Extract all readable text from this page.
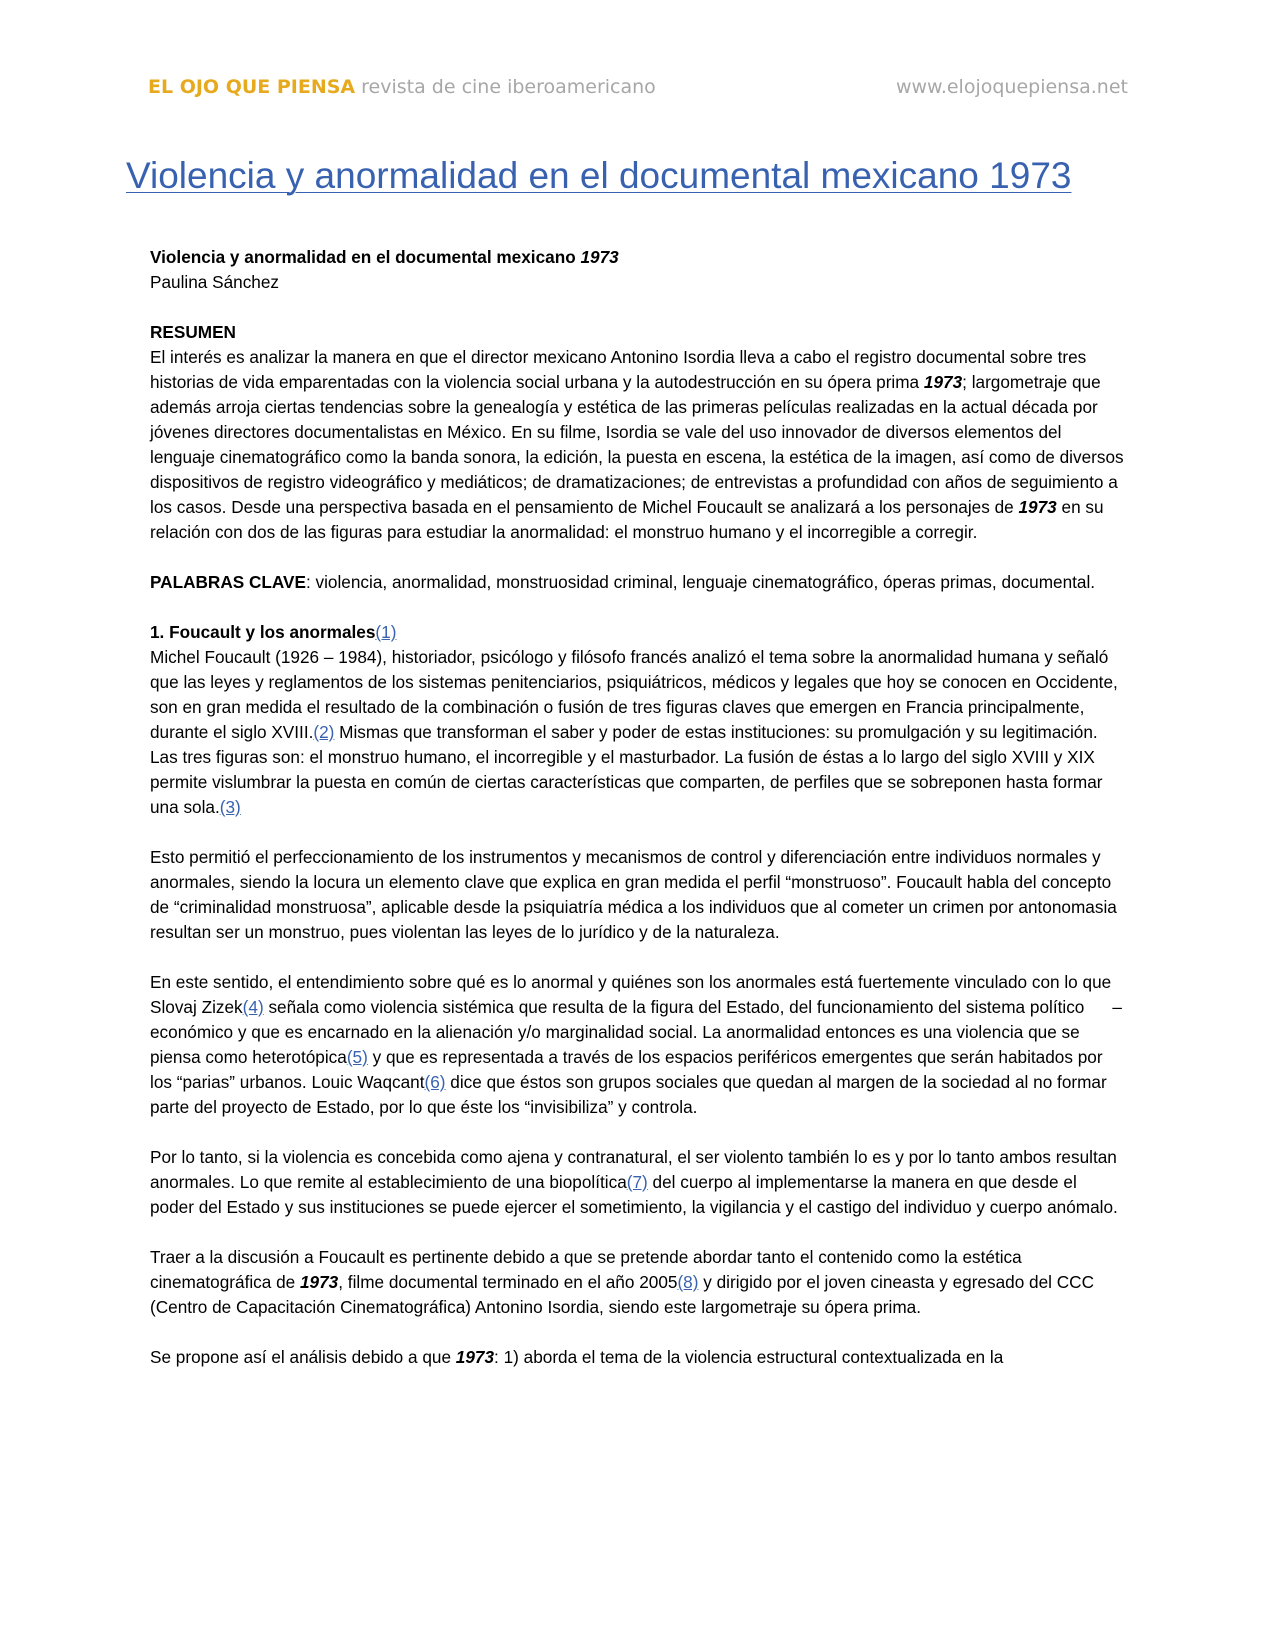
EL OJO QUE PIENSA revista de cine iberoamericano	www.elojoquepiensa.net
Violencia y anormalidad en el documental mexicano 1973

Violencia y anormalidad en el documental mexicano 1973

Paulina Sánchez

RESUMEN

El interés es analizar la manera en que el director mexicano Antonino Isordia lleva a cabo el registro documental sobre tres historias de vida emparentadas con la violencia social urbana y la autodestrucción en su ópera prima 1973; largometraje que además arroja ciertas tendencias sobre la genealogía y estética de las primeras películas realizadas en la actual década por jóvenes directores documentalistas en México. En su filme, Isordia se vale del uso innovador de diversos elementos del lenguaje cinematográfico como la banda sonora, la edición, la puesta en escena, la estética de la imagen, así como de diversos dispositivos de registro videográfico y mediáticos; de dramatizaciones; de entrevistas a profundidad con años de seguimiento a los casos. Desde una perspectiva basada en el pensamiento de Michel Foucault se analizará a los personajes de 1973 en su relación con dos de las figuras para estudiar la anormalidad: el monstruo humano y el incorregible a corregir.

PALABRAS CLAVE: violencia, anormalidad, monstruosidad criminal, lenguaje cinematográfico, óperas primas, documental.

1. Foucault y los anormales(1)

Michel Foucault (1926 – 1984), historiador, psicólogo y filósofo francés analizó el tema sobre la anormalidad humana y señaló que las leyes y reglamentos de los sistemas penitenciarios, psiquiátricos, médicos y legales que hoy se conocen en Occidente, son en gran medida el resultado de la combinación o fusión de tres figuras claves que emergen en Francia principalmente, durante el siglo XVIII.(2) Mismas que transforman el saber y poder de estas instituciones: su promulgación y su legitimación. Las tres figuras son: el monstruo humano, el incorregible y el masturbador. La fusión de éstas a lo largo del siglo XVIII y XIX permite vislumbrar la puesta en común de ciertas características que comparten, de perfiles que se sobreponen hasta formar una sola.(3)

Esto permitió el perfeccionamiento de los instrumentos y mecanismos de control y diferenciación entre individuos normales y anormales, siendo la locura un elemento clave que explica en gran medida el perfil “monstruoso”. Foucault habla del concepto de “criminalidad monstruosa”, aplicable desde la psiquiatría médica a los individuos que al cometer un crimen por antonomasia resultan ser un monstruo, pues violentan las leyes de lo jurídico y de la naturaleza.

En este sentido, el entendimiento sobre qué es lo anormal y quiénes son los anormales está fuertemente vinculado con lo que Slovaj Zizek(4) señala como violencia sistémica que resulta de la figura del Estado, del funcionamiento del sistema político –económico y que es encarnado en la alienación y/o marginalidad social. La anormalidad entonces es una violencia que se piensa como heterotópica(5) y que es representada a través de los espacios periféricos emergentes que serán habitados por los “parias” urbanos. Louic Waqcant(6) dice que éstos son grupos sociales que quedan al margen de la sociedad al no formar parte del proyecto de Estado, por lo que éste los “invisibiliza” y controla.

Por lo tanto, si la violencia es concebida como ajena y contranatural, el ser violento también lo es y por lo tanto ambos resultan anormales. Lo que remite al establecimiento de una biopolítica(7) del cuerpo al implementarse la manera en que desde el poder del Estado y sus instituciones se puede ejercer el sometimiento, la vigilancia y el castigo del individuo y cuerpo anómalo.

Traer a la discusión a Foucault es pertinente debido a que se pretende abordar tanto el contenido como la estética cinematográfica de 1973, filme documental terminado en el año 2005(8) y dirigido por el joven cineasta y egresado del CCC (Centro de Capacitación Cinematográfica) Antonino Isordia, siendo este largometraje su ópera prima.

Se propone así el análisis debido a que 1973: 1) aborda el tema de la violencia estructural contextualizada en la
